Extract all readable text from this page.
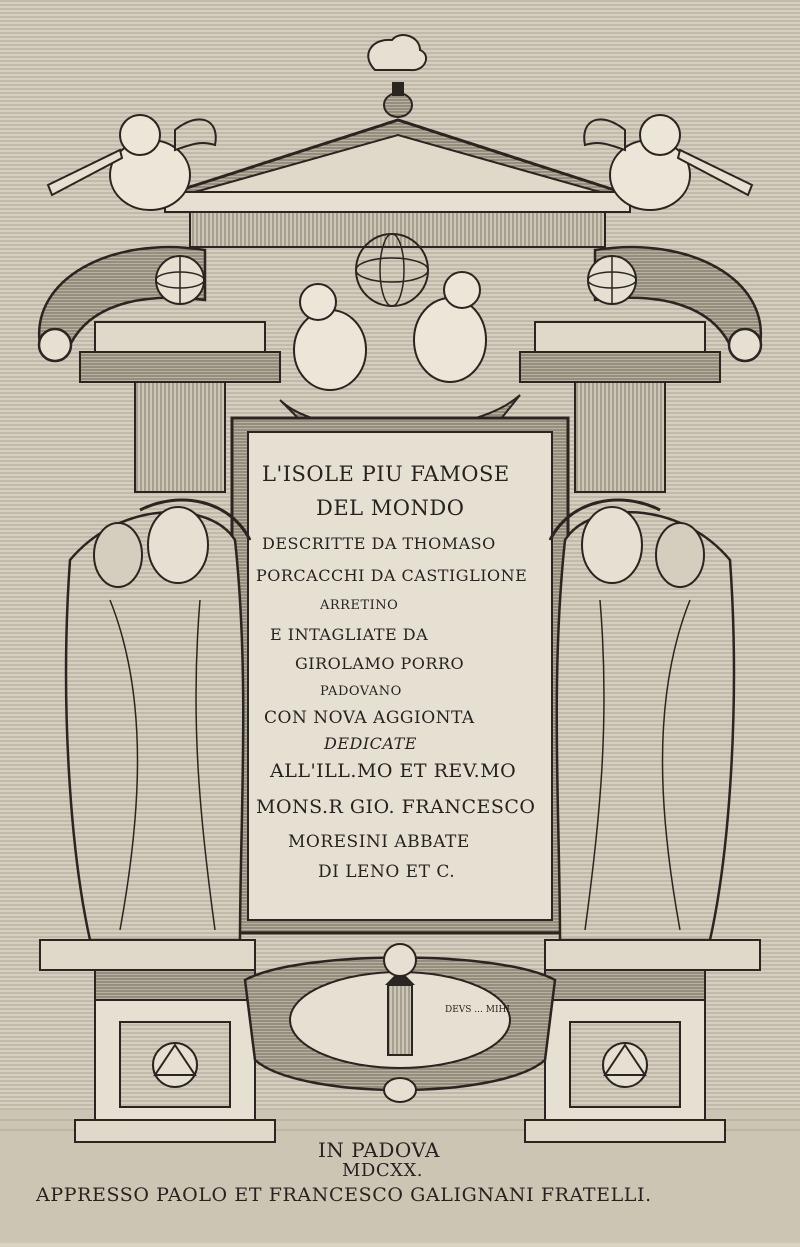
DEVS ... MIHI

L'ISOLE PIU FAMOSE

DEL MONDO

DESCRITTE DA THOMASO

PORCACCHI DA CASTIGLIONE

ARRETINO

E INTAGLIATE DA

GIROLAMO PORRO

PADOVANO

CON NOVA AGGIONTA

DEDICATE

ALL'ILL.MO ET REV.MO

MONS.R GIO. FRANCESCO

MORESINI ABBATE

DI LENO ET C.

IN PADOVA

MDCXX.

APPRESSO PAOLO ET FRANCESCO GALIGNANI FRATELLI.
